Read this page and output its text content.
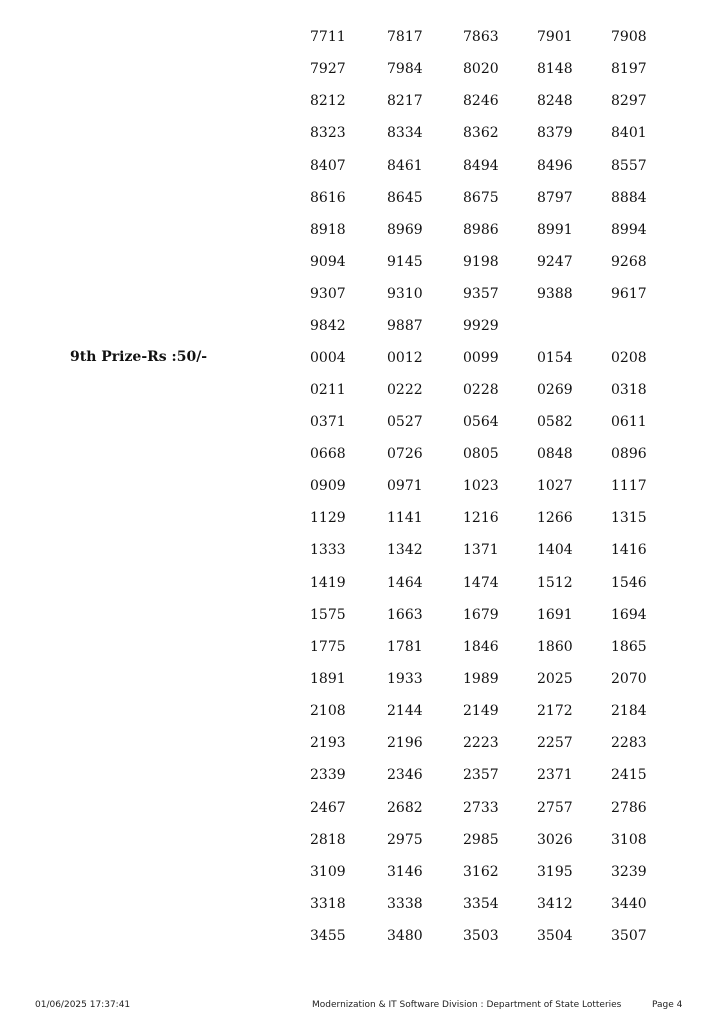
7711	7817	7863	7901	7908
7927	7984	8020	8148	8197
8212	8217	8246	8248	8297
8323	8334	8362	8379	8401
8407	8461	8494	8496	8557
8616	8645	8675	8797	8884
8918	8969	8986	8991	8994
9094	9145	9198	9247	9268
9307	9310	9357	9388	9617
9842	9887	9929
9th Prize-Rs :50/-	0004	0012	0099	0154	0208
0211	0222	0228	0269	0318
0371	0527	0564	0582	0611
0668	0726	0805	0848	0896
0909	0971	1023	1027	1117
1129	1141	1216	1266	1315
1333	1342	1371	1404	1416
1419	1464	1474	1512	1546
1575	1663	1679	1691	1694
1775	1781	1846	1860	1865
1891	1933	1989	2025	2070
2108	2144	2149	2172	2184
2193	2196	2223	2257	2283
2339	2346	2357	2371	2415
2467	2682	2733	2757	2786
2818	2975	2985	3026	3108
3109	3146	3162	3195	3239
3318	3338	3354	3412	3440
3455	3480	3503	3504	3507
01/06/2025 17:37:41	Modernization & IT Software Division : Department of State Lotteries	Page 4
